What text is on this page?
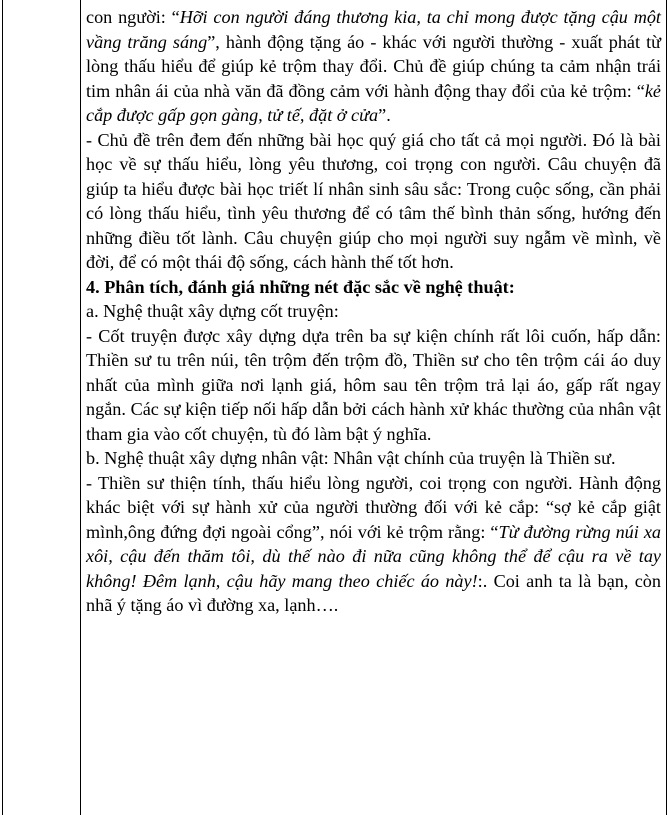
con người: “Hỡi con người đáng thương kia, ta chỉ mong được tặng cậu một vầng trăng sáng”, hành động tặng áo - khác với người thường - xuất phát từ lòng thấu hiểu để giúp kẻ trộm thay đổi. Chủ đề giúp chúng ta cảm nhận trái tim nhân ái của nhà văn đã đồng cảm với hành động thay đổi của kẻ trộm: “kẻ cắp được gấp gọn gàng, tử tế, đặt ở cửa”.

- Chủ đề trên đem đến những bài học quý giá cho tất cả mọi người. Đó là bài học về sự thấu hiểu, lòng yêu thương, coi trọng con người. Câu chuyện đã giúp ta hiểu được bài học triết lí nhân sinh sâu sắc: Trong cuộc sống, cần phải có lòng thấu hiểu, tình yêu thương để có tâm thế bình thản sống, hướng đến những điều tốt lành. Câu chuyện giúp cho mọi người suy ngẫm về mình, về đời, để có một thái độ sống, cách hành thế tốt hơn.

4. Phân tích, đánh giá những nét đặc sắc về nghệ thuật:

a. Nghệ thuật xây dựng cốt truyện:

- Cốt truyện được xây dựng dựa trên ba sự kiện chính rất lôi cuốn, hấp dẫn: Thiền sư tu trên núi, tên trộm đến trộm đồ, Thiền sư cho tên trộm cái áo duy nhất của mình giữa nơi lạnh giá, hôm sau tên trộm trả lại áo, gấp rất ngay ngắn. Các sự kiện tiếp nối hấp dẫn bởi cách hành xử khác thường của nhân vật tham gia vào cốt chuyện, tù đó làm bật ý nghĩa.

b. Nghệ thuật xây dựng nhân vật: Nhân vật chính của truyện là Thiền sư.

- Thiền sư thiện tính, thấu hiểu lòng người, coi trọng con người. Hành động khác biệt với sự hành xử của người thường đối với kẻ cắp: “sợ kẻ cắp giật mình,ông đứng đợi ngoài cổng”, nói với kẻ trộm rằng: “Từ đường rừng núi xa xôi, cậu đến thăm tôi, dù thế nào đi nữa cũng không thể để cậu ra về tay không! Đêm lạnh, cậu hãy mang theo chiếc áo này!:. Coi anh ta là bạn, còn nhã ý tặng áo vì đường xa, lạnh….
